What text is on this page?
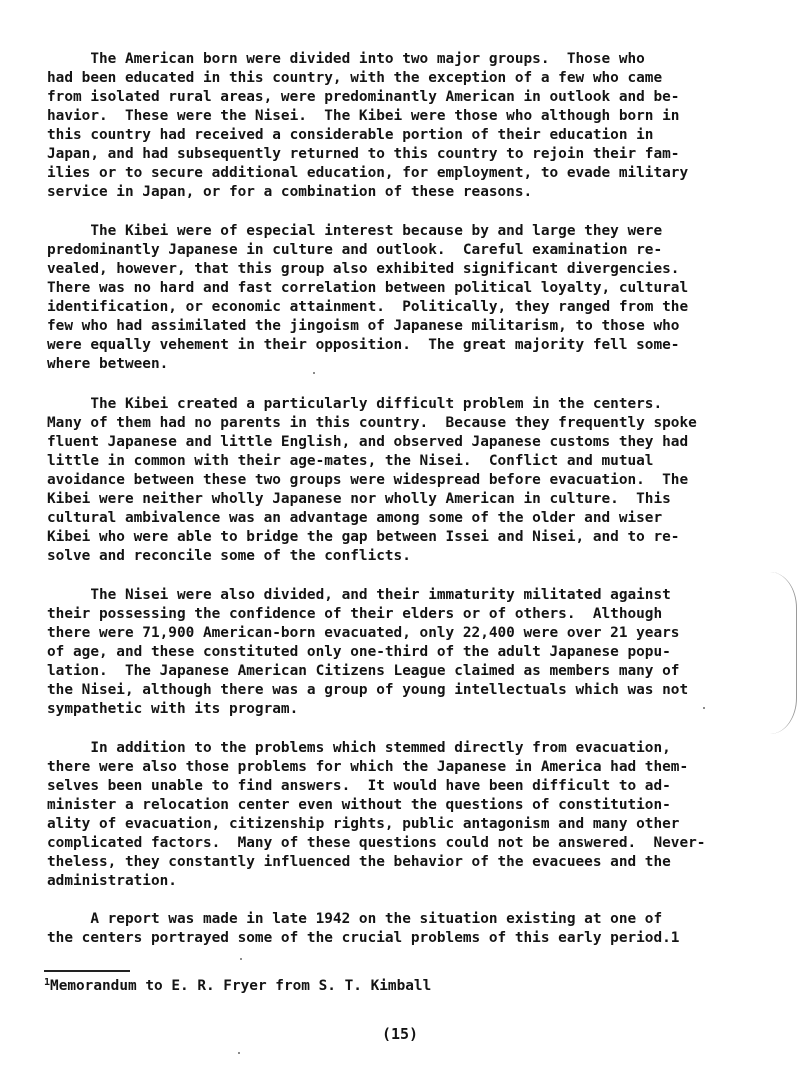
The American born were divided into two major groups.  Those who
had been educated in this country, with the exception of a few who came
from isolated rural areas, were predominantly American in outlook and be-
havior.  These were the Nisei.  The Kibei were those who although born in
this country had received a considerable portion of their education in
Japan, and had subsequently returned to this country to rejoin their fam-
ilies or to secure additional education, for employment, to evade military
service in Japan, or for a combination of these reasons.
The Kibei were of especial interest because by and large they were
predominantly Japanese in culture and outlook.  Careful examination re-
vealed, however, that this group also exhibited significant divergencies.
There was no hard and fast correlation between political loyalty, cultural
identification, or economic attainment.  Politically, they ranged from the
few who had assimilated the jingoism of Japanese militarism, to those who
were equally vehement in their opposition.  The great majority fell some-
where between.
The Kibei created a particularly difficult problem in the centers.
Many of them had no parents in this country.  Because they frequently spoke
fluent Japanese and little English, and observed Japanese customs they had
little in common with their age-mates, the Nisei.  Conflict and mutual
avoidance between these two groups were widespread before evacuation.  The
Kibei were neither wholly Japanese nor wholly American in culture.  This
cultural ambivalence was an advantage among some of the older and wiser
Kibei who were able to bridge the gap between Issei and Nisei, and to re-
solve and reconcile some of the conflicts.
The Nisei were also divided, and their immaturity militated against
their possessing the confidence of their elders or of others.  Although
there were 71,900 American-born evacuated, only 22,400 were over 21 years
of age, and these constituted only one-third of the adult Japanese popu-
lation.  The Japanese American Citizens League claimed as members many of
the Nisei, although there was a group of young intellectuals which was not
sympathetic with its program.
In addition to the problems which stemmed directly from evacuation,
there were also those problems for which the Japanese in America had them-
selves been unable to find answers.  It would have been difficult to ad-
minister a relocation center even without the questions of constitution-
ality of evacuation, citizenship rights, public antagonism and many other
complicated factors.  Many of these questions could not be answered.  Never-
theless, they constantly influenced the behavior of the evacuees and the
administration.
A report was made in late 1942 on the situation existing at one of
the centers portrayed some of the crucial problems of this early period.1
$^1$Memorandum to E. R. Fryer from S. T. Kimball
(15)
